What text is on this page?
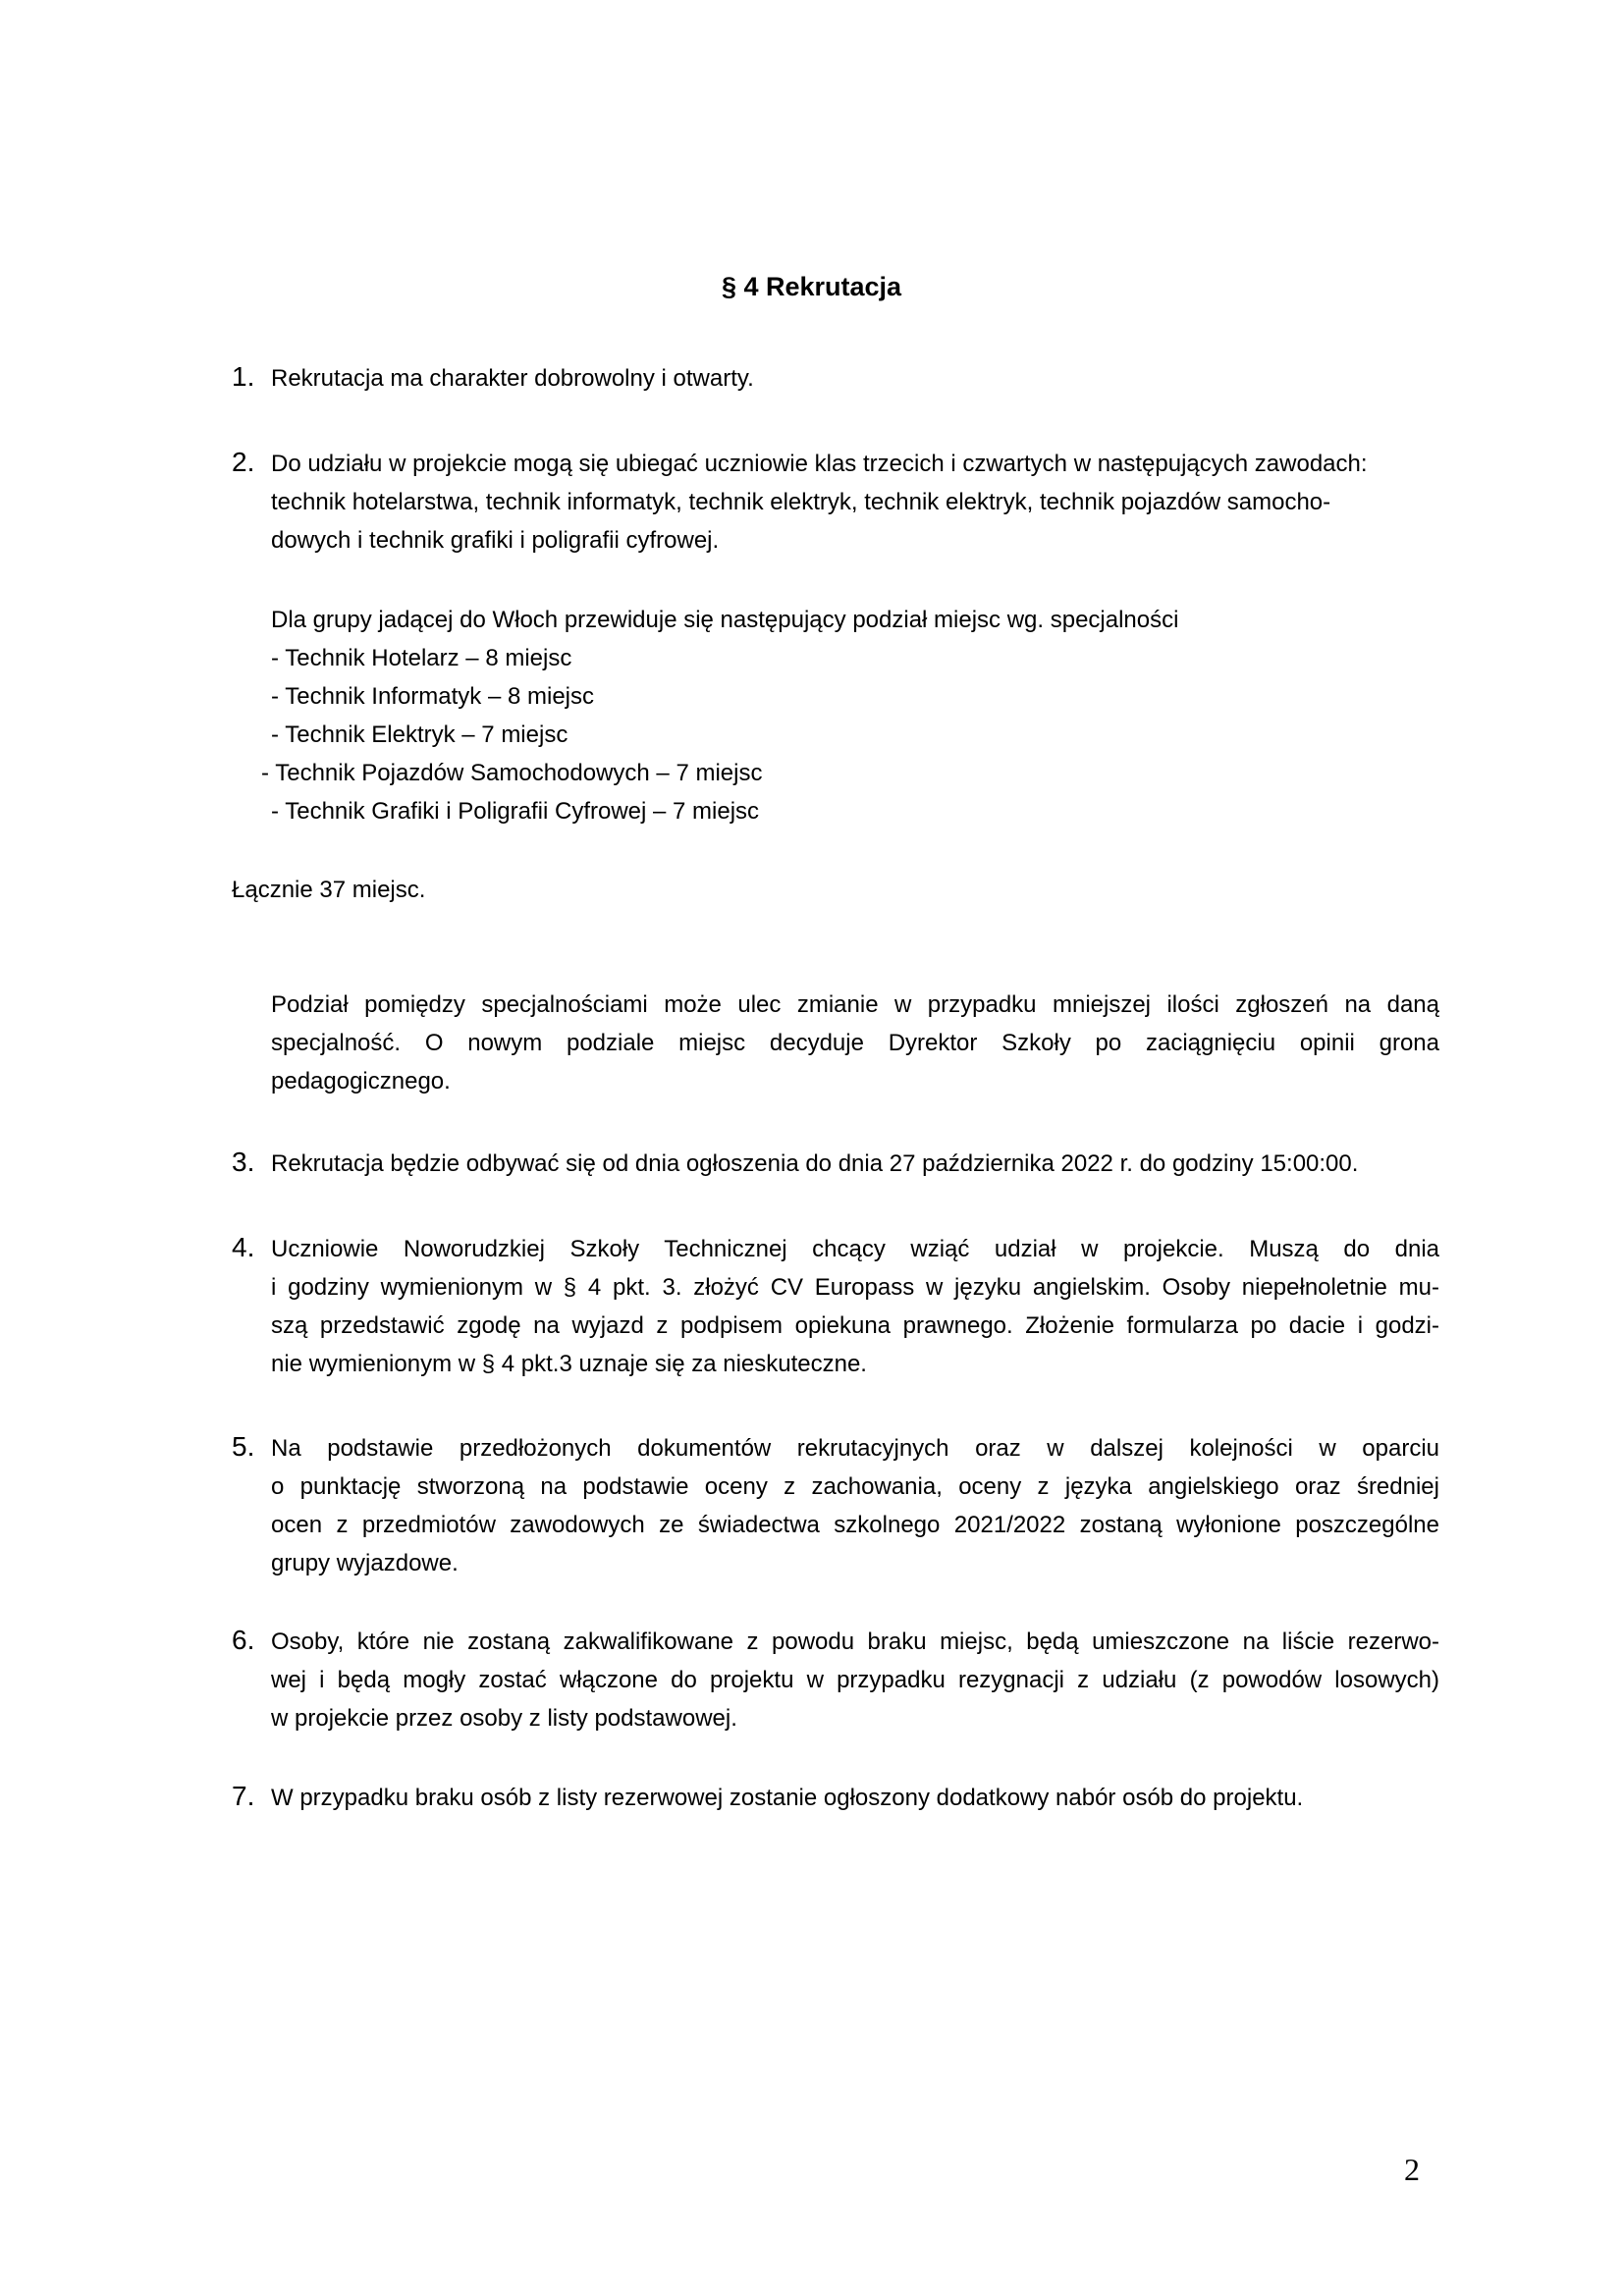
§ 4 Rekrutacja
1. Rekrutacja ma charakter dobrowolny i otwarty.
2. Do udziału w projekcie mogą się ubiegać uczniowie klas trzecich i czwartych w następujących zawodach:
technik hotelarstwa, technik informatyk, technik elektryk, technik elektryk, technik pojazdów samocho-
dowych i technik grafiki i poligrafii cyfrowej.
Dla grupy jadącej do Włoch przewiduje się następujący podział miejsc wg. specjalności
- Technik Hotelarz – 8 miejsc
- Technik Informatyk – 8 miejsc
- Technik Elektryk – 7 miejsc
- Technik Pojazdów Samochodowych – 7 miejsc
- Technik Grafiki i Poligrafii Cyfrowej – 7 miejsc
Łącznie 37 miejsc.
Podział pomiędzy specjalnościami może ulec zmianie w przypadku mniejszej ilości zgłoszeń na daną
specjalność. O nowym podziale miejsc decyduje Dyrektor Szkoły po zaciągnięciu opinii grona
pedagogicznego.
3. Rekrutacja będzie odbywać się od dnia ogłoszenia do dnia 27 października 2022 r. do godziny 15:00:00.
4. Uczniowie Noworudzkiej Szkoły Technicznej chcący wziąć udział w projekcie. Muszą do dnia
i godziny wymienionym w § 4 pkt. 3. złożyć CV Europass w języku angielskim. Osoby niepełnoletnie mu-
szą przedstawić zgodę na wyjazd z podpisem opiekuna prawnego. Złożenie formularza po dacie i godzi-
nie wymienionym w § 4 pkt.3 uznaje się za nieskuteczne.
5. Na podstawie przedłożonych dokumentów rekrutacyjnych oraz w dalszej kolejności w oparciu
o punktację stworzoną na podstawie oceny z zachowania, oceny z języka angielskiego oraz średniej
ocen z przedmiotów zawodowych ze świadectwa szkolnego 2021/2022 zostaną wyłonione poszczególne
grupy wyjazdowe.
6. Osoby, które nie zostaną zakwalifikowane z powodu braku miejsc, będą umieszczone na liście rezerwo-
wej i będą mogły zostać włączone do projektu w przypadku rezygnacji z udziału (z powodów losowych)
w projekcie przez osoby z listy podstawowej.
7. W przypadku braku osób z listy rezerwowej zostanie ogłoszony dodatkowy nabór osób do projektu.
2
